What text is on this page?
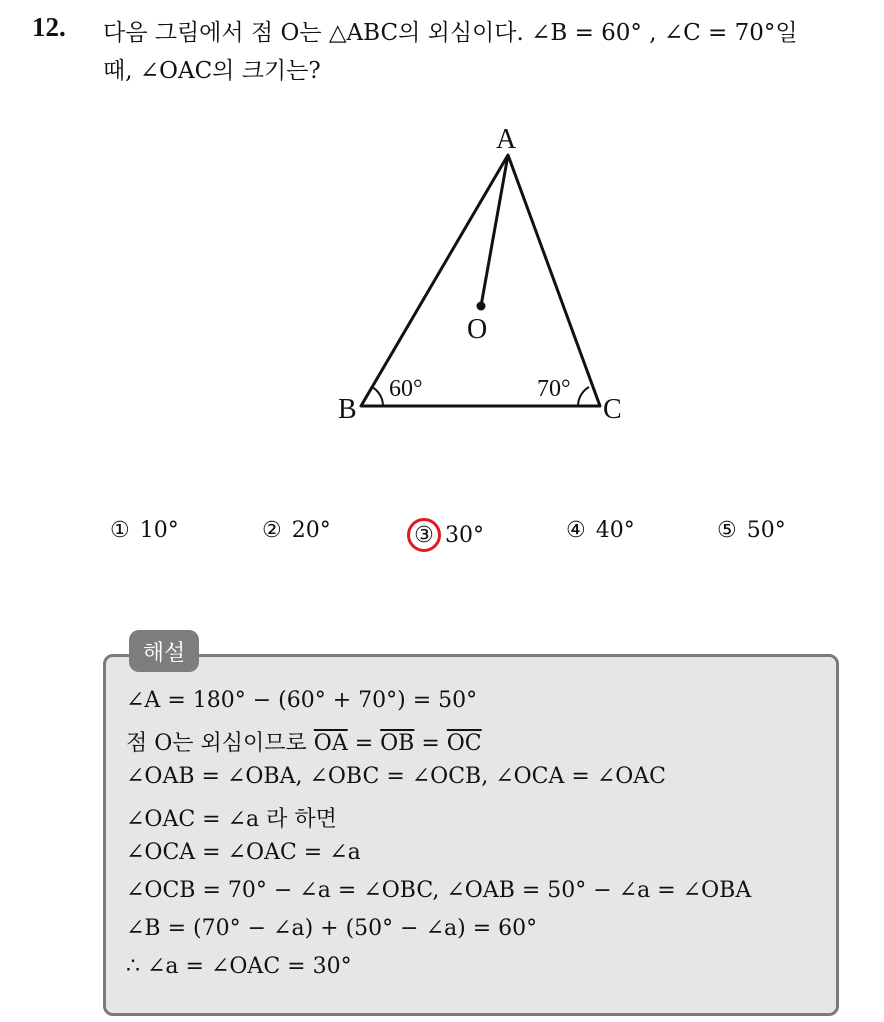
12. 다음 그림에서 점 O는 △ABC의 외심이다. ∠B = 60° , ∠C = 70°일
때, ∠OAC의 크기는?
A
B	C
O
60°	70°
① 10°	② 20°	③ 30°	④ 40°	⑤ 50°
해설
∠A = 180° − (60° + 70°) = 50°
점 O는 외심이므로 $\overline{OA} = \overline{OB} = \overline{OC}$
∠OAB = ∠OBA, ∠OBC = ∠OCB, ∠OCA = ∠OAC
∠OAC = ∠a 라 하면
∠OCA = ∠OAC = ∠a
∠OCB = 70° − ∠a = ∠OBC, ∠OAB = 50° − ∠a = ∠OBA
∠B = (70° − ∠a) + (50° − ∠a) = 60°
∴ ∠a = ∠OAC = 30°
